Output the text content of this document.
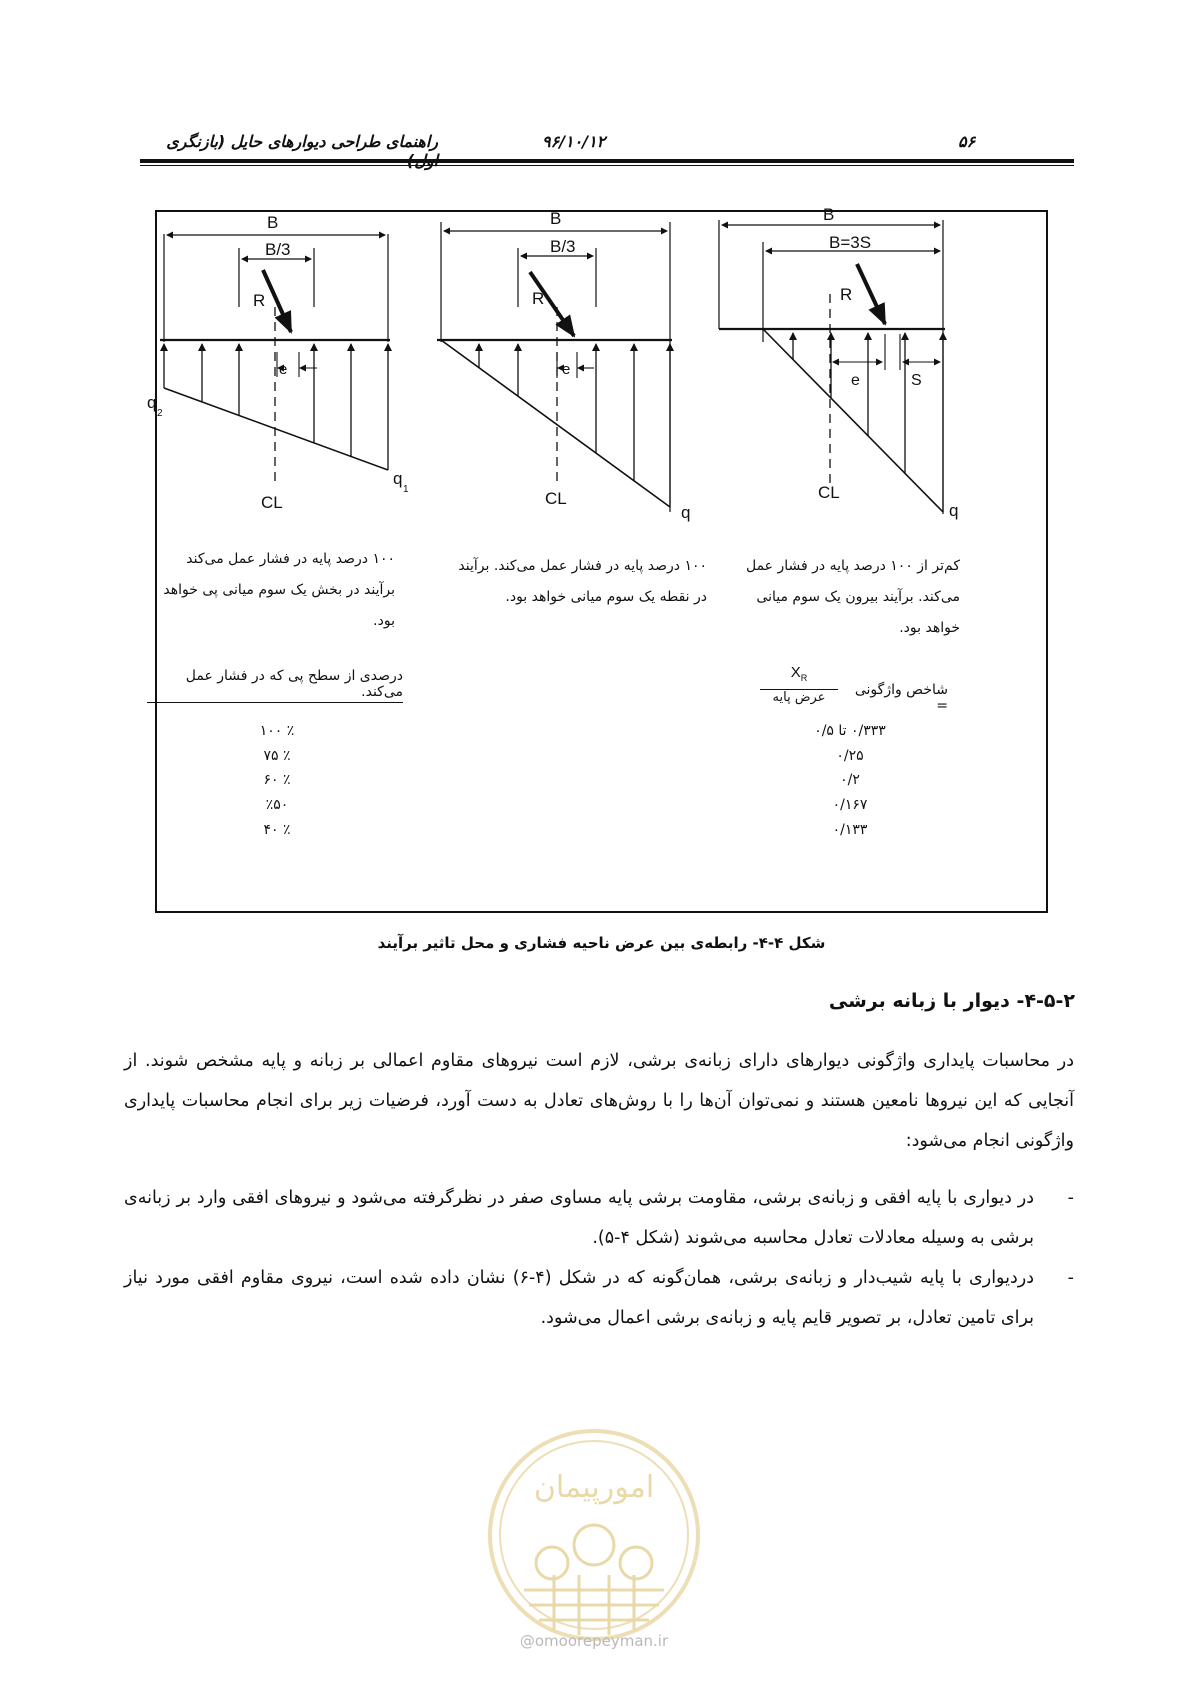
۵۶
۹۶/۱۰/۱۲
راهنمای طراحی دیوارهای حایل (بازنگری
B
B/3
R
e
CL
q
2
q
1
B
B/3
R
e
CL
q
B
B=3S
R
e	S
CL
q
۱۰۰ درصد پایه در فشار عمل می‌کند برآیند در بخش یک سوم میانی پی خواهد بود.
۱۰۰ درصد پایه در فشار عمل می‌کند. برآیند در نقطه یک سوم میانی خواهد بود.
کم‌تر از ۱۰۰ درصد پایه در فشار عمل می‌کند. برآیند بیرون یک سوم میانی خواهد بود.
درصدی از سطح پی که در فشار عمل می‌کند.	شاخص واژگونی =
$X_R$
عرض پایه
۰/۳۳۳ تا ۰/۵
۰/۲۵
۰/۲
۰/۱۶۷
۰/۱۳۳
٪ ۱۰۰
٪ ۷۵
٪ ۶۰
٪۵۰
٪ ۴۰
شکل ۴-۴- رابطه‌ی بین عرض ناحیه فشاری و محل تاثیر برآیند
۴-۵-۲- دیوار با زبانه برشی
در محاسبات پایداری واژگونی دیوارهای دارای زبانه‌ی برشی، لازم است نیروهای مقاوم اعمالی بر زبانه و پایه مشخص شوند. از آنجایی که این نیروها نامعین هستند و نمی‌توان آن‌ها را با روش‌های تعادل به دست آورد، فرضیات زیر برای انجام محاسبات پایداری واژگونی انجام می‌شود:
-
در دیواری با پایه افقی و زبانه‌ی برشی، مقاومت برشی پایه مساوی صفر در نظرگرفته می‌شود و نیروهای افقی وارد بر زبانه‌ی برشی به وسیله معادلات تعادل محاسبه می‌شوند (شکل ۴-۵).
-
دردیواری با پایه شیب‌دار و زبانه‌ی برشی، همان‌گونه که در شکل (۴-۶) نشان داده شده است، نیروی مقاوم افقی مورد نیاز برای تامین تعادل، بر تصویر قایم پایه و زبانه‌ی برشی اعمال می‌شود.
امورپیمان
@omoorepeyman.ir
